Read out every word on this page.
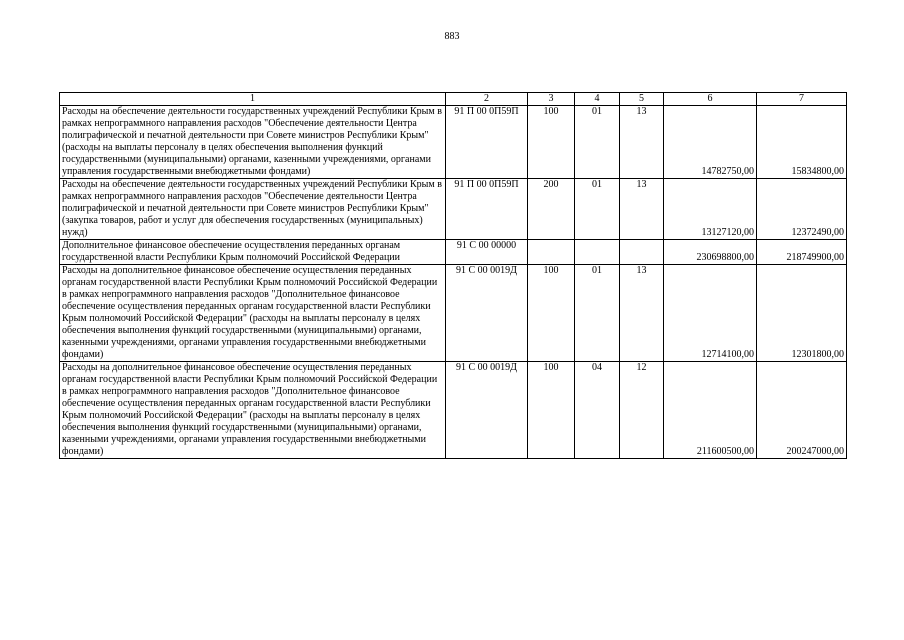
883
1	2	3	4	5	6	7
Расходы на обеспечение деятельности государственных учреждений Республики Крым в рамках непрограммного направления расходов "Обеспечение деятельности Центра полиграфической и печатной деятельности при Совете министров Республики Крым" (расходы на выплаты персоналу в целях обеспечения выполнения функций государственными (муниципальными) органами, казенными учреждениями, органами управления государственными внебюджетными фондами)	91 П 00 0П59П	100	01	13	14782750,00	15834800,00
Расходы на обеспечение деятельности государственных учреждений Республики Крым в рамках непрограммного направления расходов "Обеспечение деятельности Центра полиграфической и печатной деятельности при Совете министров Республики Крым" (закупка товаров, работ и услуг для обеспечения государственных (муниципальных) нужд)	91 П 00 0П59П	200	01	13	13127120,00	12372490,00
Дополнительное финансовое обеспечение осуществления переданных органам государственной власти Республики Крым полномочий Российской Федерации	91 С 00 00000				230698800,00	218749900,00
Расходы на дополнительное финансовое обеспечение осуществления переданных органам государственной власти Республики Крым полномочий Российской Федерации в рамках непрограммного направления расходов "Дополнительное финансовое обеспечение осуществления переданных органам государственной власти Республики Крым полномочий Российской Федерации" (расходы на выплаты персоналу в целях обеспечения выполнения функций государственными (муниципальными) органами, казенными учреждениями, органами управления государственными внебюджетными фондами)	91 С 00 0019Д	100	01	13	12714100,00	12301800,00
Расходы на дополнительное финансовое обеспечение осуществления переданных органам государственной власти Республики Крым полномочий Российской Федерации в рамках непрограммного направления расходов "Дополнительное финансовое обеспечение осуществления переданных органам государственной власти Республики Крым полномочий Российской Федерации" (расходы на выплаты персоналу в целях обеспечения выполнения функций государственными (муниципальными) органами, казенными учреждениями, органами управления государственными внебюджетными фондами)	91 С 00 0019Д	100	04	12	211600500,00	200247000,00
